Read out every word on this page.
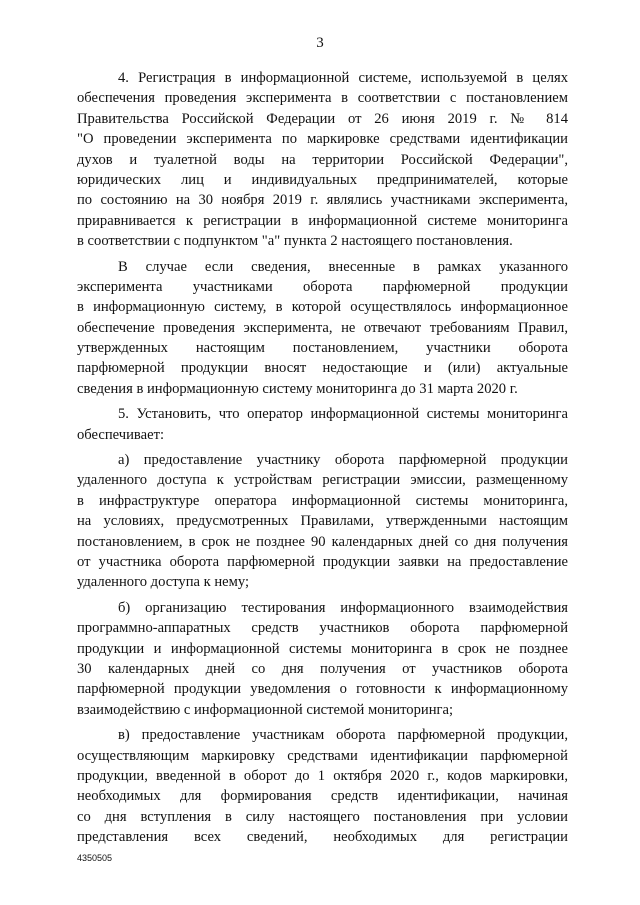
3
4. Регистрация в информационной системе, используемой в целях
обеспечения проведения эксперимента в соответствии с постановлением
Правительства Российской Федерации от 26 июня 2019 г. № 814
"О проведении эксперимента по маркировке средствами идентификации
духов и туалетной воды на территории Российской Федерации",
юридических лиц и индивидуальных предпринимателей, которые
по состоянию на 30 ноября 2019 г. являлись участниками эксперимента,
приравнивается к регистрации в информационной системе мониторинга
в соответствии с подпунктом "а" пункта 2 настоящего постановления.
В случае если сведения, внесенные в рамках указанного
эксперимента участниками оборота парфюмерной продукции
в информационную систему, в которой осуществлялось информационное
обеспечение проведения эксперимента, не отвечают требованиям Правил,
утвержденных настоящим постановлением, участники оборота
парфюмерной продукции вносят недостающие и (или) актуальные
сведения в информационную систему мониторинга до 31 марта 2020 г.
5. Установить, что оператор информационной системы мониторинга
обеспечивает:
а) предоставление участнику оборота парфюмерной продукции
удаленного доступа к устройствам регистрации эмиссии, размещенному
в инфраструктуре оператора информационной системы мониторинга,
на условиях, предусмотренных Правилами, утвержденными настоящим
постановлением, в срок не позднее 90 календарных дней со дня получения
от участника оборота парфюмерной продукции заявки на предоставление
удаленного доступа к нему;
б) организацию тестирования информационного взаимодействия
программно-аппаратных средств участников оборота парфюмерной
продукции и информационной системы мониторинга в срок не позднее
30 календарных дней со дня получения от участников оборота
парфюмерной продукции уведомления о готовности к информационному
взаимодействию с информационной системой мониторинга;
в) предоставление участникам оборота парфюмерной продукции,
осуществляющим маркировку средствами идентификации парфюмерной
продукции, введенной в оборот до 1 октября 2020 г., кодов маркировки,
необходимых для формирования средств идентификации, начиная
со дня вступления в силу настоящего постановления при условии
представления всех сведений, необходимых для регистрации
4350505
